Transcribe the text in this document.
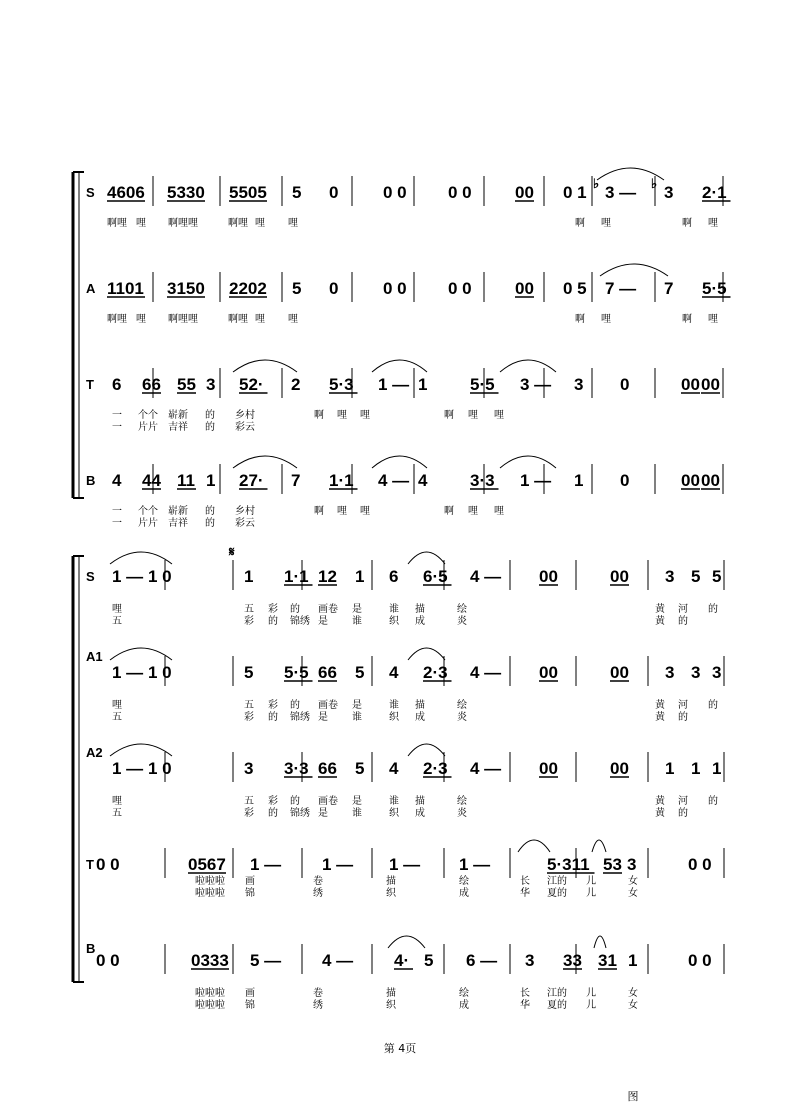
S 4606 5330 5505 5 0	0 0 0 0	00 0 1 3 — 3 2·1
♭	♭
啊哩 哩 啊哩哩	啊哩 哩 哩	啊 哩	啊 哩
A 1101 3150 2202 5 0	0 0 0 0	00 0 5 7 — 7 5·5
啊哩 哩 啊哩哩	啊哩 哩 哩	啊 哩	啊 哩
T 6 66 55 3 52· 2 5·3 1 — 1	5·5 3 — 3 0	00 00
一 个个 崭新 的 乡村	啊 哩 哩	啊 哩 哩
一 片片 吉祥 的 彩云
B 4 44 11 1 27· 7 1·1 4 — 4	3·3 1 — 1 0	00 00
一 个个 崭新 的 乡村	啊 哩 哩	啊 哩 哩
一 片片 吉祥 的 彩云
S 1 — 1 0	1 1·1 12 1 6 6·5 4 — 00	00 3 5 5
哩	五 彩 的 画卷 是	谁 描	绘	黄 河 的
五	彩 的 锦绣 是 谁	织 成	炎	黄 的
A1
1 — 1 0	5 5·5 66 5 4 2·3 4 — 00	00 3 3 3
哩	五 彩 的 画卷 是	谁 描	绘	黄 河 的
五	彩 的 锦绣 是 谁	织 成	炎	黄 的
A2
1 — 1 0	3 3·3 66 5 4 2·3 4 — 00	00 1 1 1
哩	五 彩 的 画卷 是	谁 描	绘	黄 河 的
五	彩 的 锦绣 是 谁	织 成	炎	黄 的
T 0 0	0567 1 — 1 — 1 — 1 —	5·311 53 3	0 0
啦啦啦 画	卷	描	绘	长 江的 儿	女
啦啦啦 锦	绣	织	成	华 夏的 儿	女
B
0 0	0333 5 — 4 — 4· 5 6 — 3 33 31 1	0 0
啦啦啦 画	卷	描	绘	长 江的 儿	女
啦啦啦 锦	绣	织	成	华 夏的 儿	女
𝄋
第 4页
图
